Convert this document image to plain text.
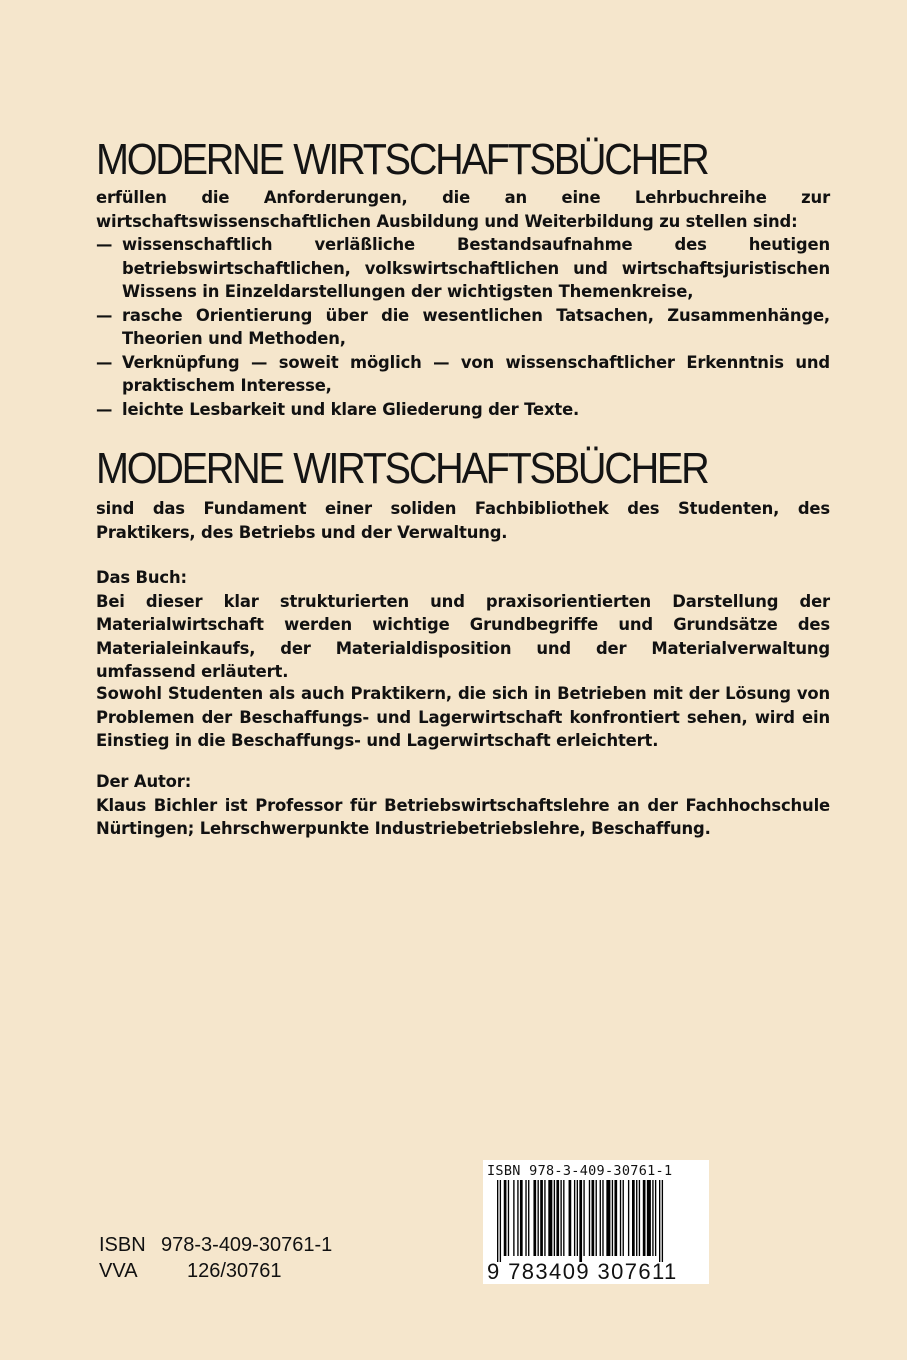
MODERNE WIRTSCHAFTSBÜCHER

erfüllen die Anforderungen, die an eine Lehrbuchreihe zur wirtschaftswissenschaftlichen Ausbildung und Weiterbildung zu stellen sind:

— wissenschaftlich verläßliche Bestandsaufnahme des heutigen betriebswirtschaftlichen, volkswirtschaftlichen und wirtschaftsjuristischen Wissens in Einzeldarstellungen der wichtigsten Themenkreise,
— rasche Orientierung über die wesentlichen Tatsachen, Zusammenhänge, Theorien und Methoden,
— Verknüpfung — soweit möglich — von wissenschaftlicher Erkenntnis und praktischem Interesse,
— leichte Lesbarkeit und klare Gliederung der Texte.
MODERNE WIRTSCHAFTSBÜCHER

sind das Fundament einer soliden Fachbibliothek des Studenten, des Praktikers, des Betriebs und der Verwaltung.

Das Buch:

Bei dieser klar strukturierten und praxisorientierten Darstellung der Materialwirtschaft werden wichtige Grundbegriffe und Grundsätze des Materialeinkaufs, der Materialdisposition und der Materialverwaltung umfassend erläutert.

Sowohl Studenten als auch Praktikern, die sich in Betrieben mit der Lösung von Problemen der Beschaffungs- und Lagerwirtschaft konfrontiert sehen, wird ein Einstieg in die Beschaffungs- und Lagerwirtschaft erleichtert.

Der Autor:

Klaus Bichler ist Professor für Betriebswirtschaftslehre an der Fachhochschule Nürtingen; Lehrschwerpunkte Industriebetriebslehre, Beschaffung.

ISBN 978-3-409-30761-1
VVA	126/30761
ISBN 978-3-409-30761-1
9 783409 307611
